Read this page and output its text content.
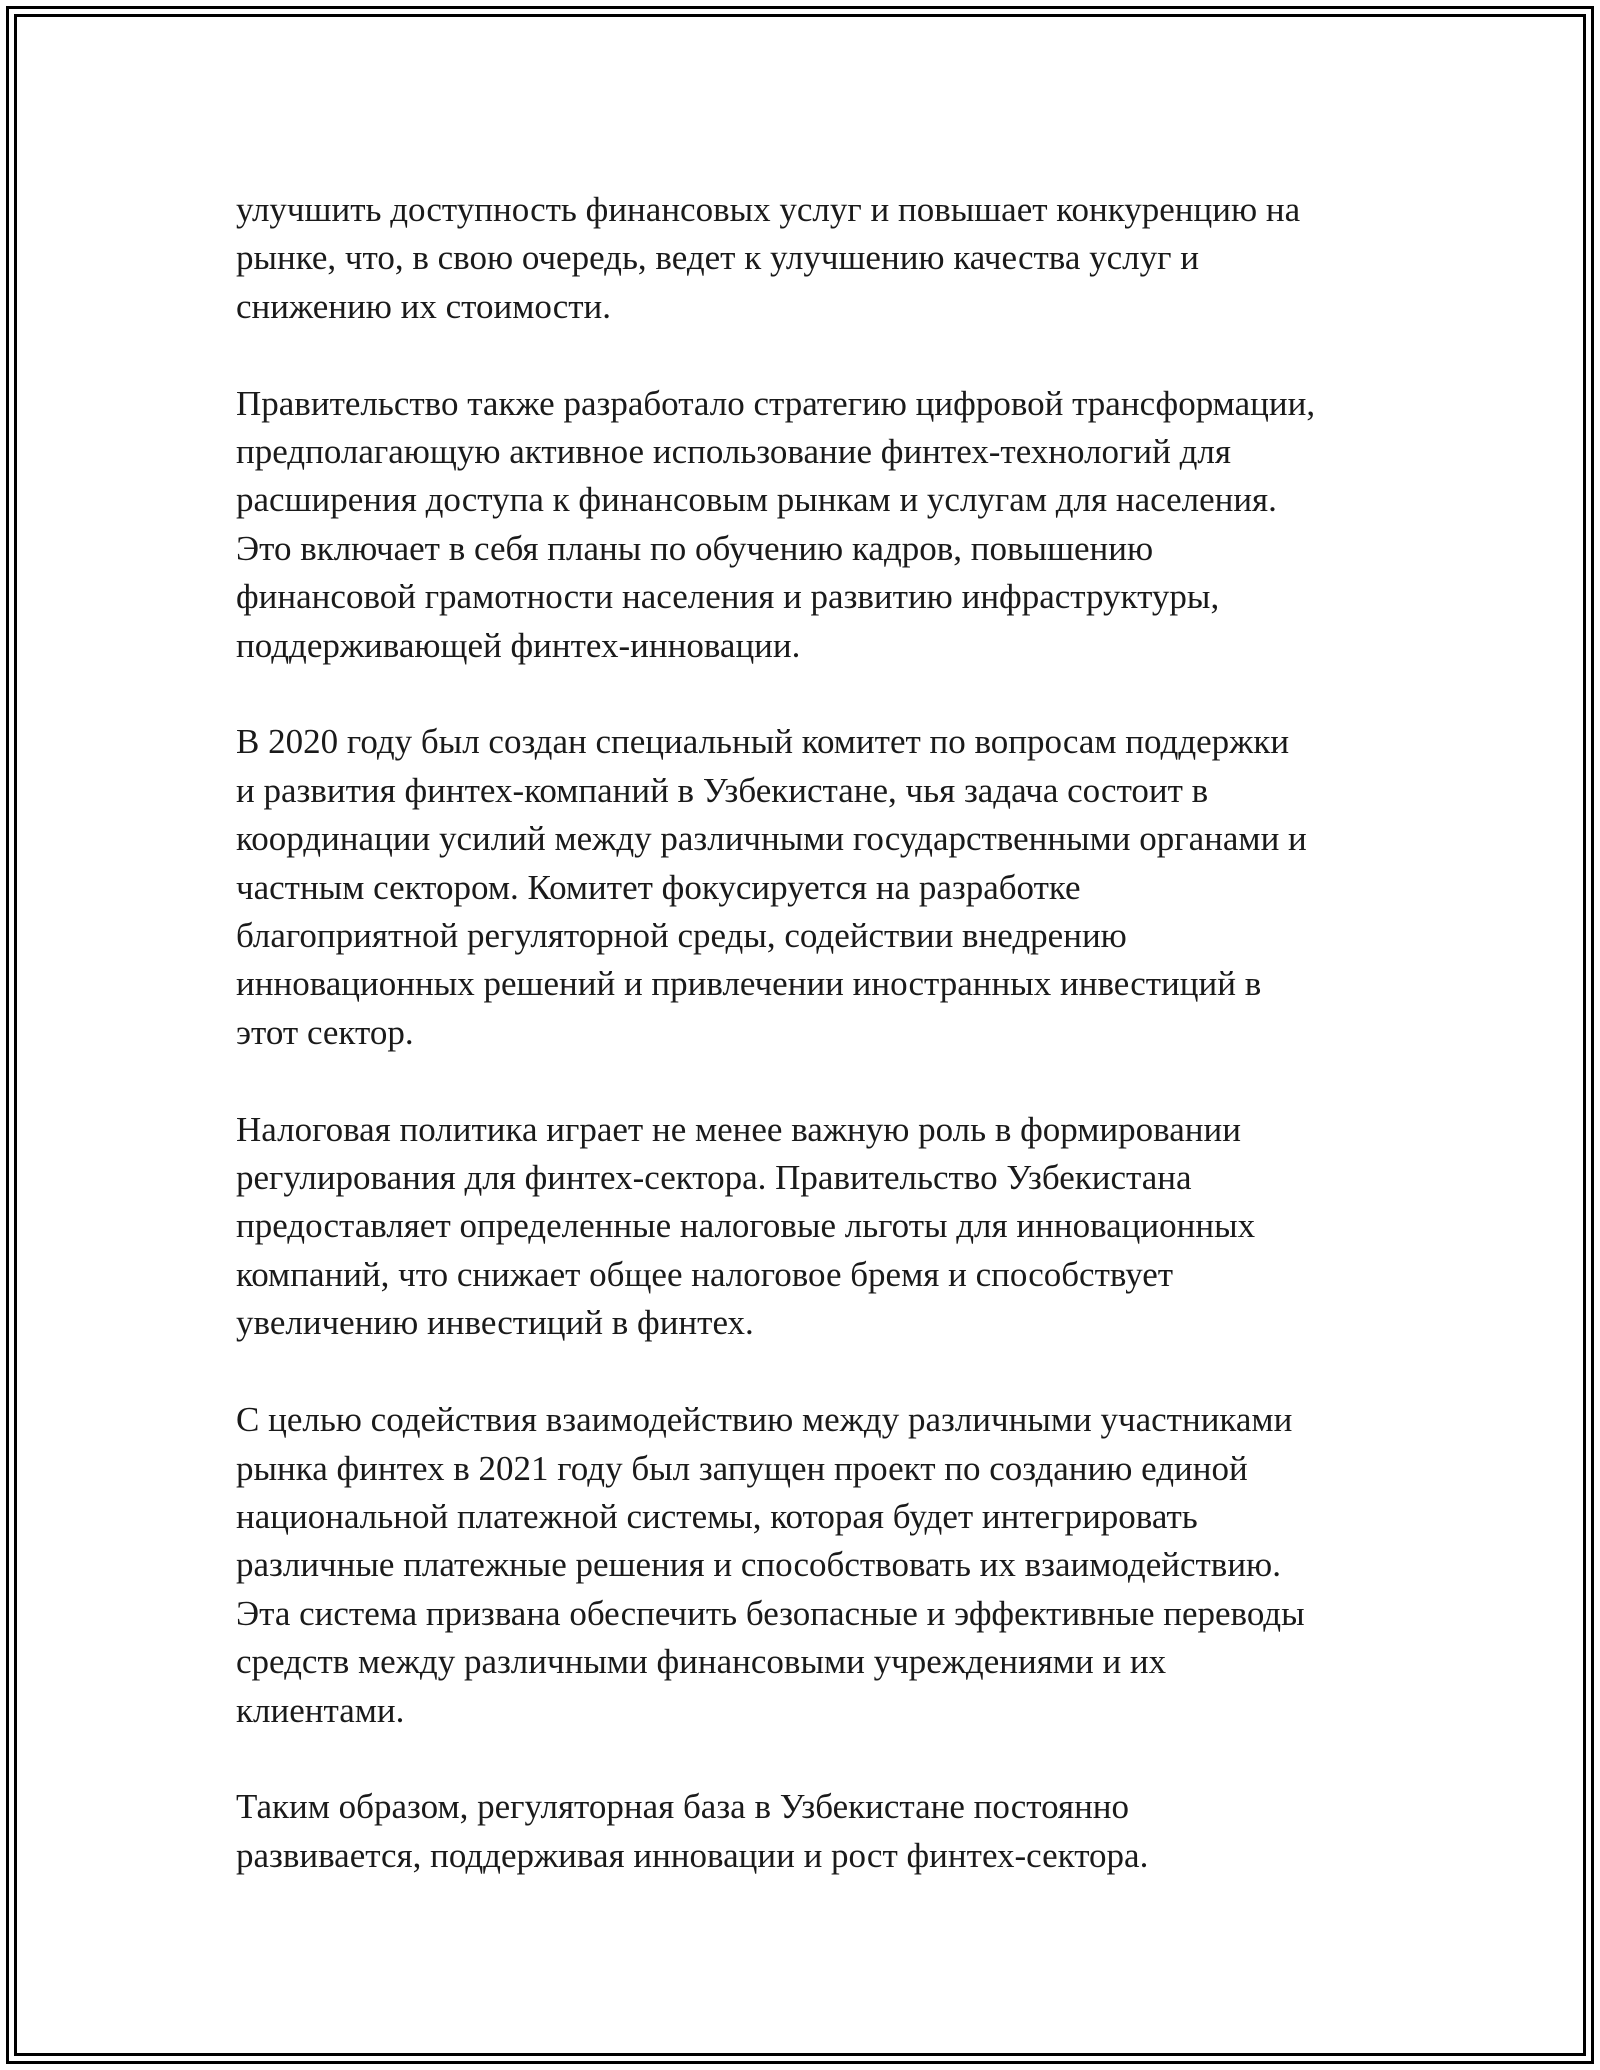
улучшить доступность финансовых услуг и повышает конкуренцию на
рынке, что, в свою очередь, ведет к улучшению качества услуг и
снижению их стоимости.

Правительство также разработало стратегию цифровой трансформации,
предполагающую активное использование финтех-технологий для
расширения доступа к финансовым рынкам и услугам для населения.
Это включает в себя планы по обучению кадров, повышению
финансовой грамотности населения и развитию инфраструктуры,
поддерживающей финтех-инновации.

В 2020 году был создан специальный комитет по вопросам поддержки
и развития финтех-компаний в Узбекистане, чья задача состоит в
координации усилий между различными государственными органами и
частным сектором. Комитет фокусируется на разработке
благоприятной регуляторной среды, содействии внедрению
инновационных решений и привлечении иностранных инвестиций в
этот сектор.

Налоговая политика играет не менее важную роль в формировании
регулирования для финтех-сектора. Правительство Узбекистана
предоставляет определенные налоговые льготы для инновационных
компаний, что снижает общее налоговое бремя и способствует
увеличению инвестиций в финтех.

С целью содействия взаимодействию между различными участниками
рынка финтех в 2021 году был запущен проект по созданию единой
национальной платежной системы, которая будет интегрировать
различные платежные решения и способствовать их взаимодействию.
Эта система призвана обеспечить безопасные и эффективные переводы
средств между различными финансовыми учреждениями и их
клиентами.

Таким образом, регуляторная база в Узбекистане постоянно
развивается, поддерживая инновации и рост финтех-сектора.
